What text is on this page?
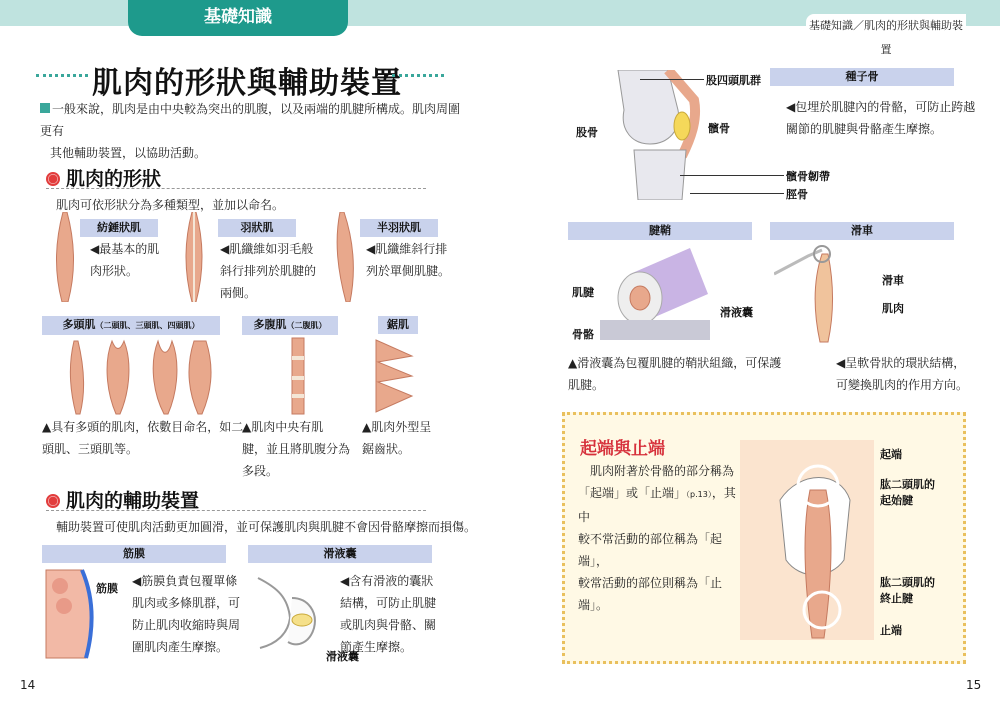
基礎知識	基礎知識／肌肉的形狀與輔助裝置
肌肉的形狀與輔助裝置
一般來說，肌肉是由中央較為突出的肌腹，以及兩端的肌腱所構成。肌肉周圍更有
其他輔助裝置，以協助活動。
肌肉的形狀
肌肉可依形狀分為多種類型，並加以命名。
紡錘狀肌	羽狀肌	半羽狀肌
◀最基本的肌
肉形狀。
◀肌纖維如羽毛般
斜行排列於肌腱的
兩側。
◀肌纖維斜行排
列於單側肌腱。
多頭肌（二頭肌、三頭肌、四頭肌）	多腹肌（二腹肌）	鋸肌
▲具有多頭的肌肉，依數目命名，如二
頭肌、三頭肌等。
▲肌肉中央有肌
腱，並且將肌腹分為
多段。
▲肌肉外型呈
鋸齒狀。
肌肉的輔助裝置
輔助裝置可使肌肉活動更加圓滑，並可保護肌肉與肌腱不會因骨骼摩擦而損傷。
筋膜	滑液囊
筋膜
◀筋膜負責包覆單條
肌肉或多條肌群，可
防止肌肉收縮時與周
圍肌肉產生摩擦。
滑液囊
◀含有滑液的囊狀
結構，可防止肌腱
或肌肉與骨骼、關
節產生摩擦。
14
股四頭肌群
股骨	髕骨
髕骨韌帶
脛骨
種子骨
◀包埋於肌腱內的骨骼，可防止跨越
關節的肌腱與骨骼產生摩擦。
腱鞘
肌腱
滑液囊
骨骼
▲滑液囊為包覆肌腱的鞘狀組織，可保護
肌腱。
滑車
滑車
肌肉
◀呈軟骨狀的環狀結構，
可變換肌肉的作用方向。
起端與止端
肌肉附著於骨骼的部分稱為
「起端」或「止端」（p.13），其中
較不常活動的部位稱為「起端」，
較常活動的部位則稱為「止端」。
起端
肱二頭肌的
起始腱
肱二頭肌的
終止腱
止端
15
